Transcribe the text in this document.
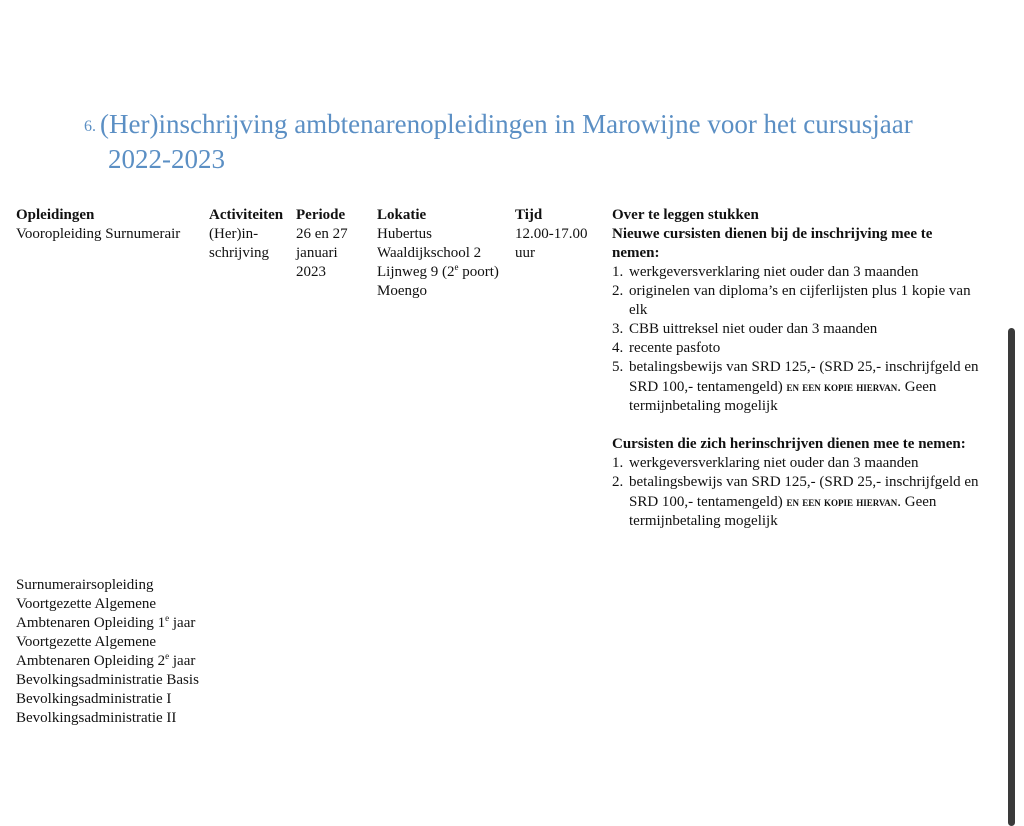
6. (Her)inschrijving ambtenarenopleidingen in Marowijne voor het cursusjaar
2022-2023
Opleidingen
Vooropleiding Surnumerair
Activiteiten
(Her)in-
schrijving
Periode
26 en 27
januari
2023
Lokatie
Hubertus
Waaldijkschool 2
Lijnweg 9 (2e poort)
Moengo
Tijd
12.00-17.00
uur
Over te leggen stukken
Nieuwe cursisten dienen bij de inschrijving mee te nemen:
1. werkgeversverklaring niet ouder dan 3 maanden
2. originelen van diploma’s en cijferlijsten plus 1 kopie van elk
3. CBB uittreksel niet ouder dan 3 maanden
4. recente pasfoto
5. betalingsbewijs van SRD 125,- (SRD 25,- inschrijfgeld en SRD 100,- tentamengeld) en een kopie hiervan. Geen termijnbetaling mogelijk
Cursisten die zich herinschrijven dienen mee te nemen:
1. werkgeversverklaring niet ouder dan 3 maanden
2. betalingsbewijs van SRD 125,- (SRD 25,- inschrijfgeld en SRD 100,- tentamengeld) en een kopie hiervan. Geen termijnbetaling mogelijk
Surnumerairsopleiding
Voortgezette Algemene Ambtenaren Opleiding 1e jaar
Voortgezette Algemene Ambtenaren Opleiding 2e jaar
Bevolkingsadministratie Basis
Bevolkingsadministratie I
Bevolkingsadministratie II
